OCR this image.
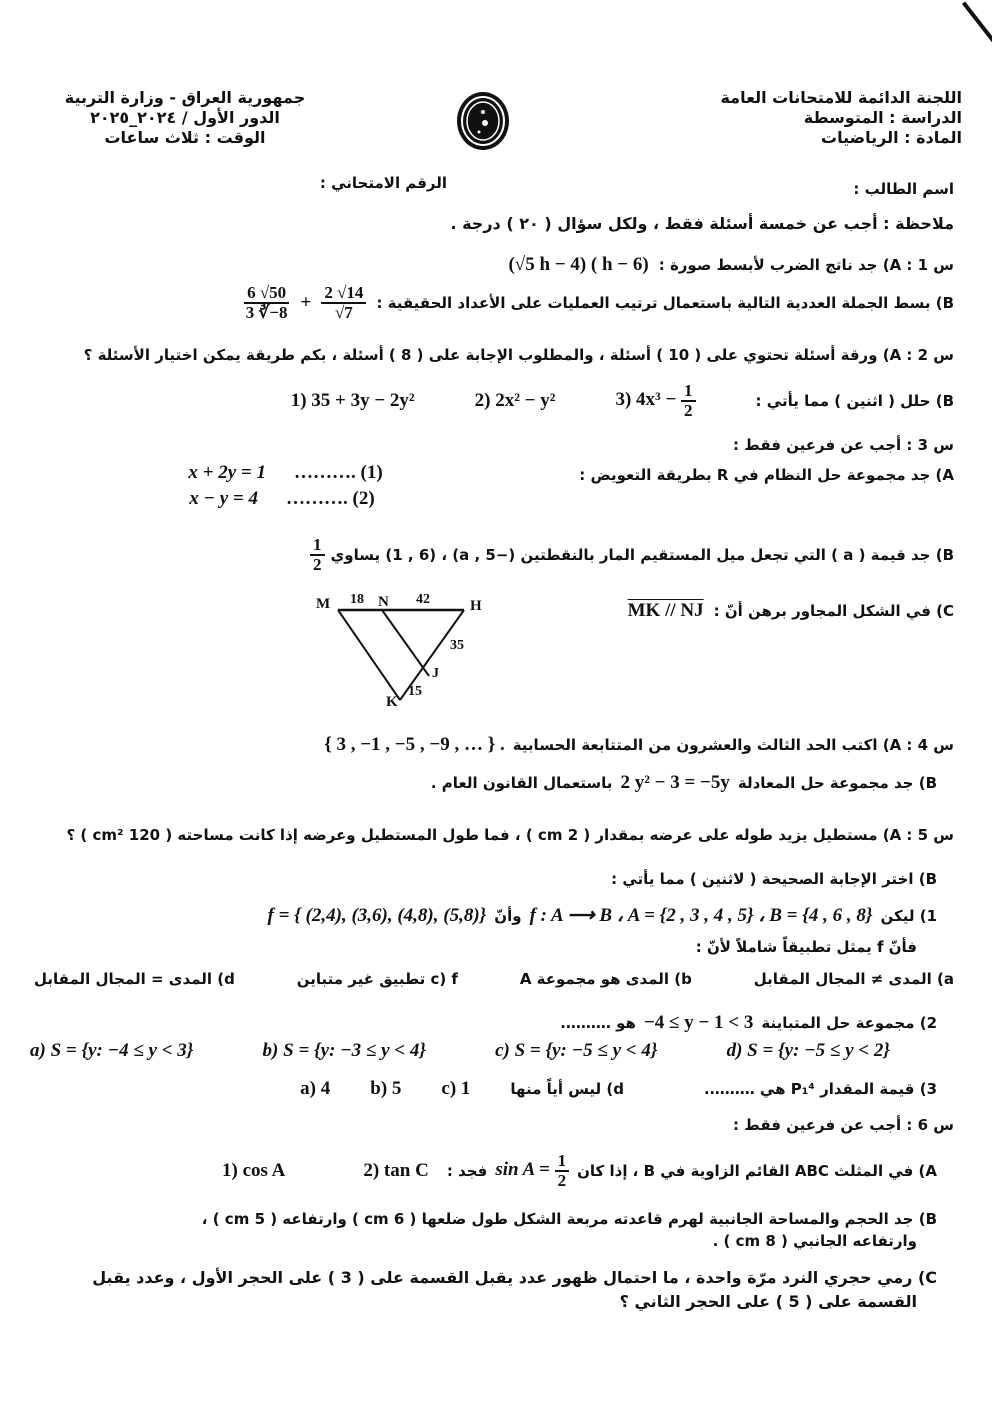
جمهورية العراق - وزارة التربية
الدور الأول / ٢٠٢٤_٢٠٢٥
الوقت : ثلاث ساعات
اللجنة الدائمة للامتحانات العامة
الدراسة : المتوسطة
المادة : الرياضيات
اسم الطالب :
الرقم الامتحاني :
ملاحظة : أجب عن خمسة أسئلة فقط ، ولكل سؤال ( ٢٠ ) درجة .
س 1 : A) جد ناتج الضرب لأبسط صورة :
(√5 h − 4) ( h − 6)
B) بسط الجملة العددية التالية باستعمال ترتيب العمليات على الأعداد الحقيقية :
$\frac{2 √14}{√7}$
+
$\frac{6 √50}{3 ∛-8}$
س 2 : A) ورقة أسئلة تحتوي على ( 10 ) أسئلة ، والمطلوب الإجابة على ( 8 ) أسئلة ، بكم طريقة يمكن اختيار الأسئلة ؟
B) حلل ( اثنين ) مما يأتي :
3) $4x^3 - \frac{1}{2}$
2) 2x² − y²
1) 35 + 3y − 2y²
س 3 : أجب عن فرعين فقط :
A) جد مجموعة حل النظام في R بطريقة التعويض :
x + 2y = 1 ………. (1)
x − y = 4 ………. (2)
B) جد قيمة ( a ) التي تجعل ميل المستقيم المار بالنقطتين (−5 , a) ، (1 , 6) يساوي
$\frac{1}{2}$
C) في الشكل المجاور برهن أنّ :
MK // NJ
M 18 N 42	H
35
J
15
K
س 4 : A) اكتب الحد الثالث والعشرون من المتتابعة الحسابية
{ 3 , −1 , −5 , −9 , … } .
B) جد مجموعة حل المعادلة
2 y² − 3 = −5y
باستعمال القانون العام .
س 5 : A) مستطيل يزيد طوله على عرضه بمقدار ( 2 cm ) ، فما طول المستطيل وعرضه إذا كانت مساحته ( 120 cm² ) ؟
B) اختر الإجابة الصحيحة ( لاثنين ) مما يأتي :
1) ليكن
f : A ⟶ B ، A = {2 , 3 , 4 , 5} ، B = {4 , 6 , 8}
وأنّ
f = { (2,4), (3,6), (4,8), (5,8)}
فأنّ f يمثل تطبيقاً شاملاً لأنّ :
a) المدى ≠ المجال المقابل
b) المدى هو مجموعة A
c) f تطبيق غير متباين
d) المدى = المجال المقابل
2) مجموعة حل المتباينة
−4 ≤ y − 1 < 3
هو ……….
a) S = {y: −4 ≤ y < 3}	b) S = {y: −3 ≤ y < 4}	c) S = {y: −5 ≤ y < 4}	d) S = {y: −5 ≤ y < 2}
3) قيمة المقدار P₁⁴ هي ……….
d) ليس أياً منها
c) 1
b) 5
a) 4
س 6 : أجب عن فرعين فقط :
A) في المثلث ABC القائم الزاوية في B ، إذا كان
$\sin A = \frac{1}{2}$
فجد :
2) tan C
1) cos A
B) جد الحجم والمساحة الجانبية لهرم قاعدته مربعة الشكل طول ضلعها ( 6 cm ) وارتفاعه ( 5 cm ) ،
وارتفاعه الجانبي ( 8 cm ) .
C) رمي حجري النرد مرّة واحدة ، ما احتمال ظهور عدد يقبل القسمة على ( 3 ) على الحجر الأول ، وعدد يقبل
القسمة على ( 5 ) على الحجر الثاني ؟
